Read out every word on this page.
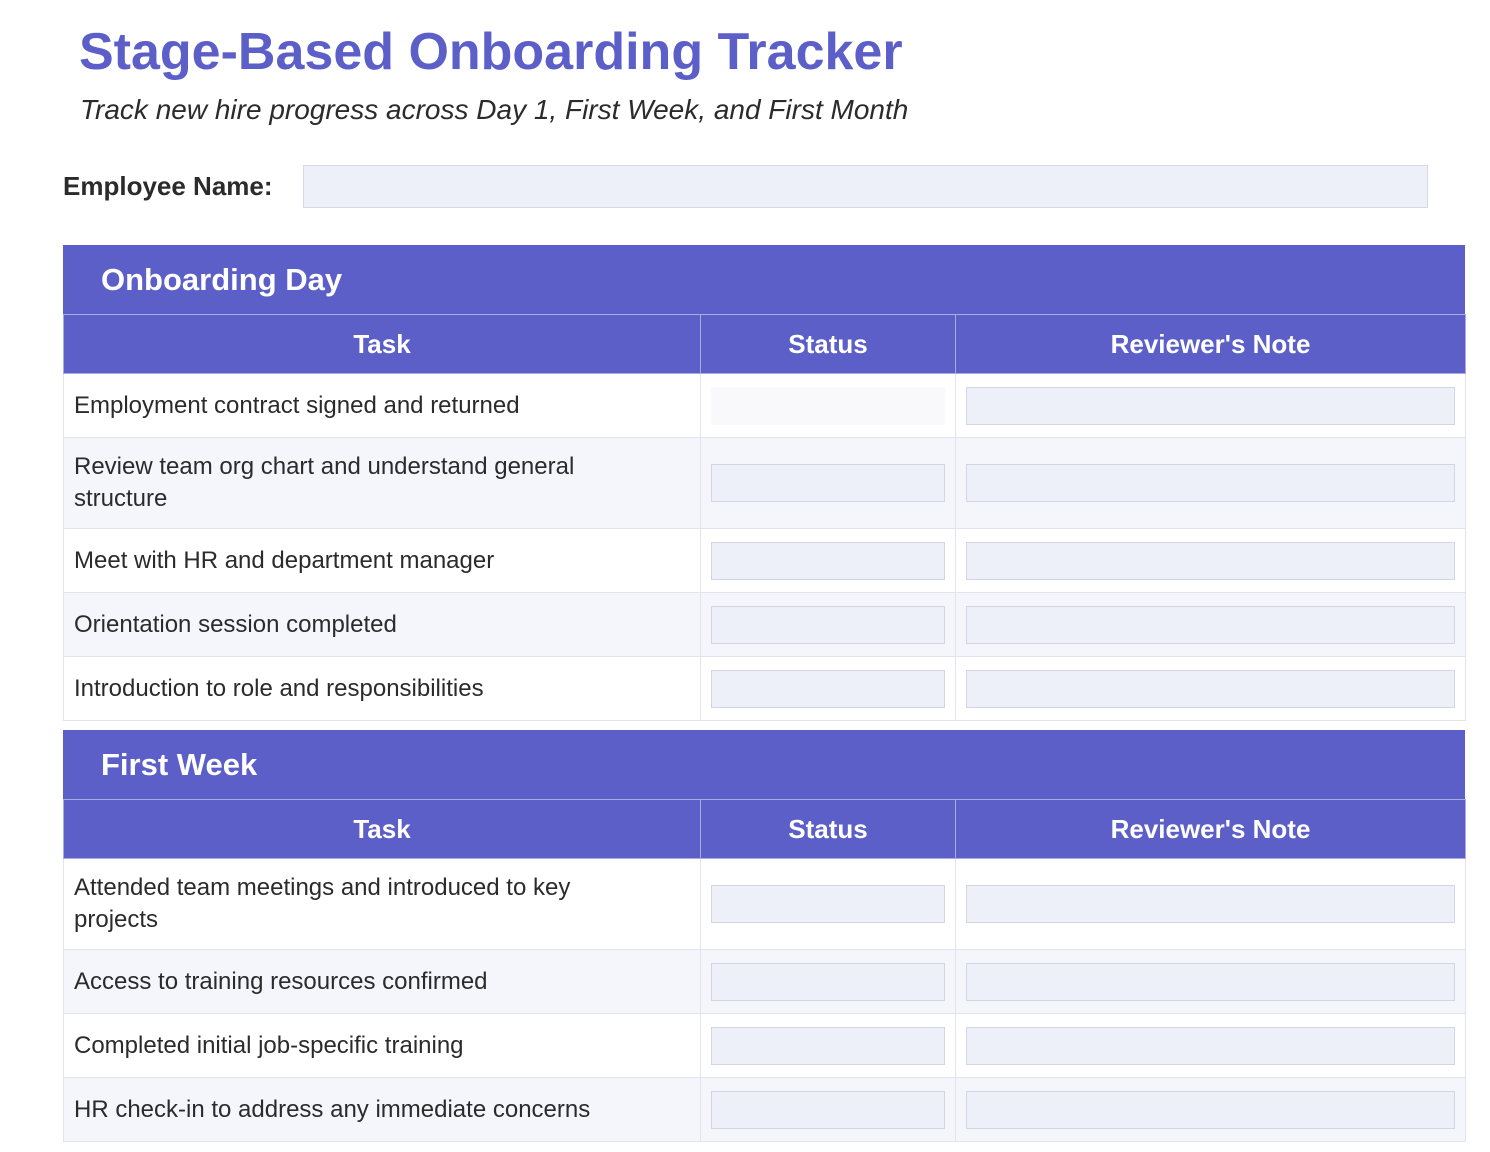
Stage-Based Onboarding Tracker
Track new hire progress across Day 1, First Week, and First Month
Employee Name:
Onboarding Day
Task	Status	Reviewer's Note
Employment contract signed and returned	

Review team org chart and understand general structure	

Meet with HR and department manager	

Orientation session completed	

Introduction to role and responsibilities	

First Week
Task	Status	Reviewer's Note
Attended team meetings and introduced to key projects	

Access to training resources confirmed	

Completed initial job-specific training	

HR check-in to address any immediate concerns	
